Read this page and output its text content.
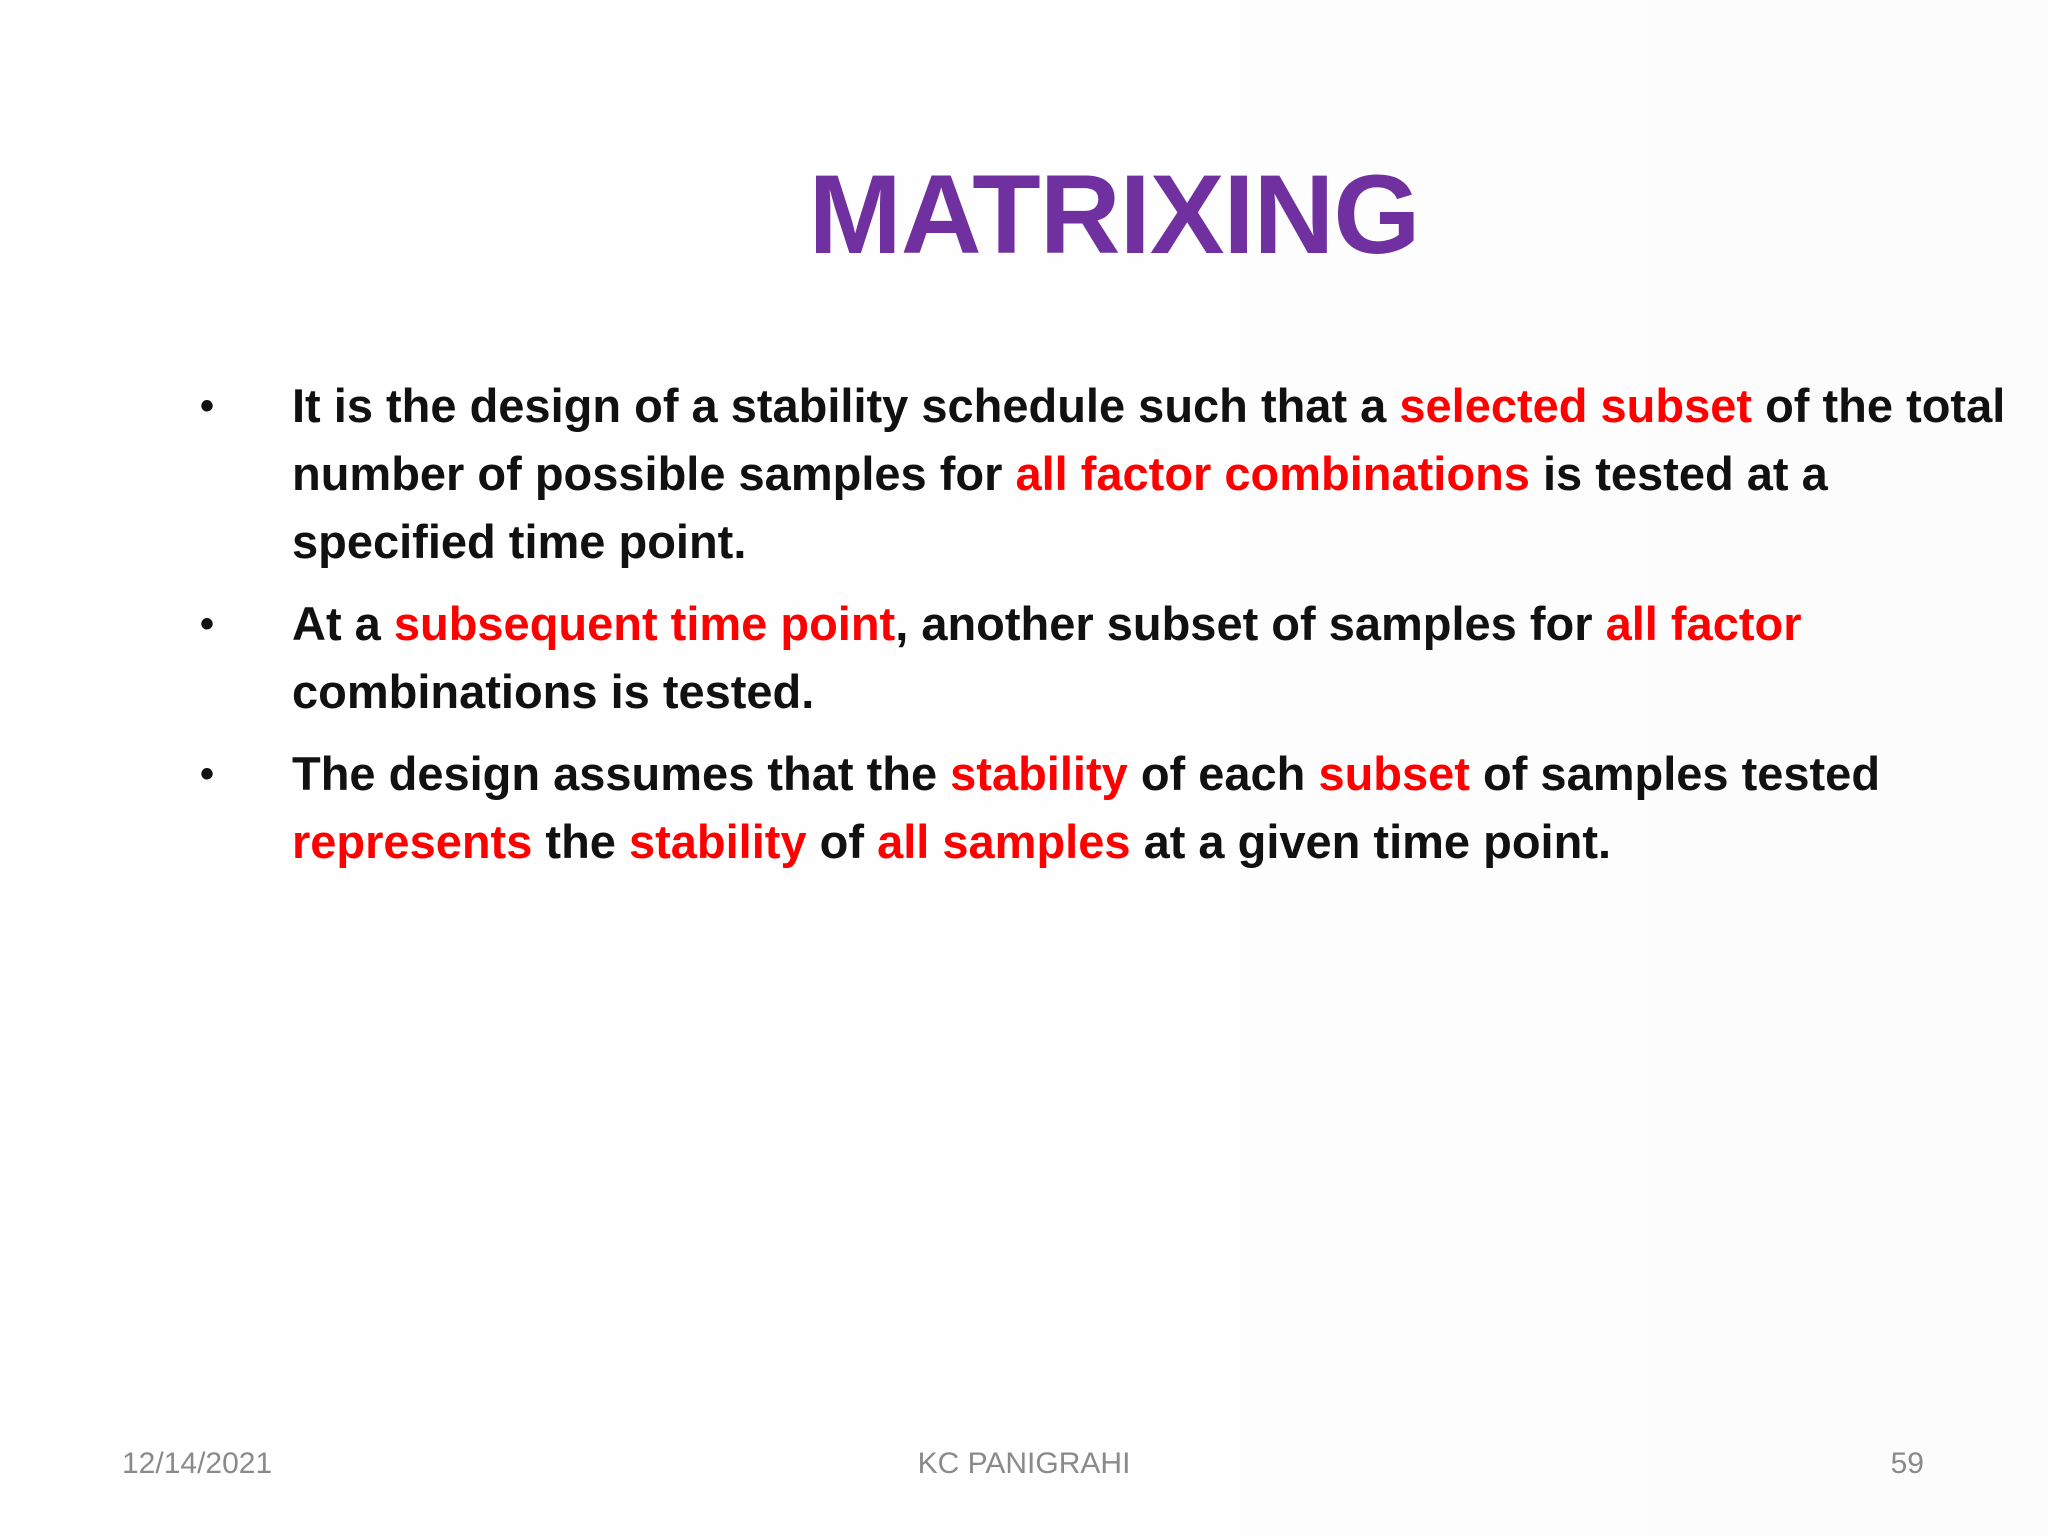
MATRIXING
•	It is the design of a stability schedule such that a selected subset of the total number of possible samples for all factor combinations is tested at a specified time point.
•	At a subsequent time point, another subset of samples for all factor combinations is tested.
•	The design assumes that the stability of each subset of samples tested represents the stability of all samples at a given time point.
12/14/2021	KC PANIGRAHI	59
